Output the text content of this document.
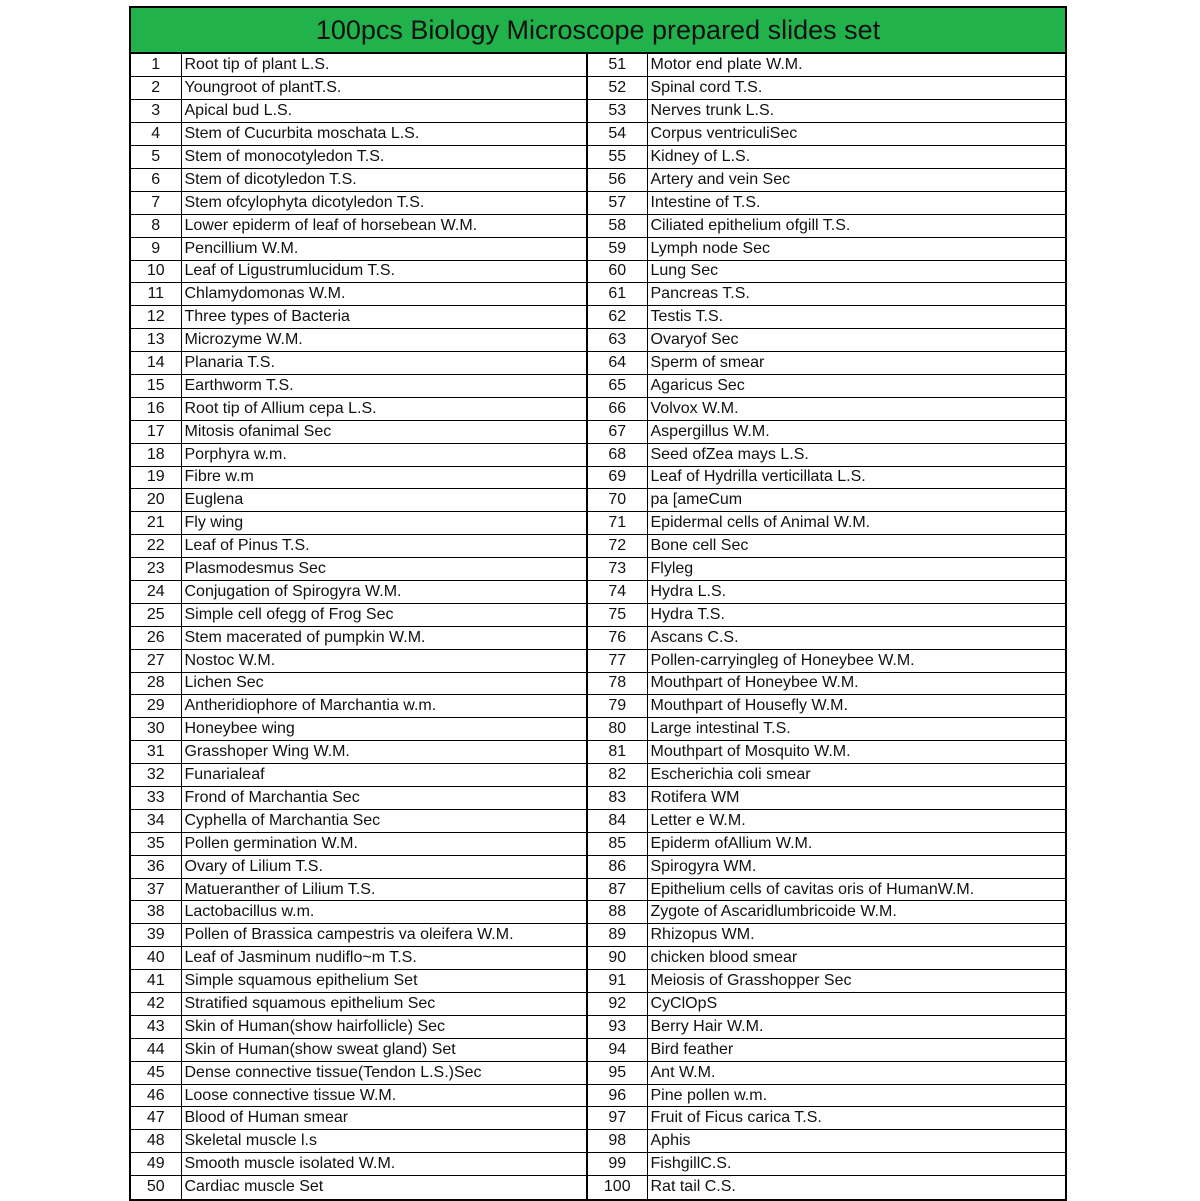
100pcs Biology Microscope prepared slides set
1	Root tip of plant L.S.	51	Motor end plate W.M.
2	Youngroot of plantT.S.	52	Spinal cord T.S.
3	Apical bud L.S.	53	Nerves trunk L.S.
4	Stem of Cucurbita moschata L.S.	54	Corpus ventriculiSec
5	Stem of monocotyledon T.S.	55	Kidney of L.S.
6	Stem of dicotyledon T.S.	56	Artery and vein Sec
7	Stem ofcylophyta dicotyledon T.S.	57	Intestine of T.S.
8	Lower epiderm of leaf of horsebean W.M.	58	Ciliated epithelium ofgill T.S.
9	Pencillium W.M.	59	Lymph node Sec
10	Leaf of Ligustrumlucidum T.S.	60	Lung Sec
11	Chlamydomonas W.M.	61	Pancreas T.S.
12	Three types of Bacteria	62	Testis T.S.
13	Microzyme W.M.	63	Ovaryof Sec
14	Planaria T.S.	64	Sperm of smear
15	Earthworm T.S.	65	Agaricus Sec
16	Root tip of Allium cepa L.S.	66	Volvox W.M.
17	Mitosis ofanimal Sec	67	Aspergillus W.M.
18	Porphyra w.m.	68	Seed ofZea mays L.S.
19	Fibre w.m	69	Leaf of Hydrilla verticillata L.S.
20	Euglena	70	pa [ameCum
21	Fly wing	71	Epidermal cells of Animal W.M.
22	Leaf of Pinus T.S.	72	Bone cell Sec
23	Plasmodesmus Sec	73	Flyleg
24	Conjugation of Spirogyra W.M.	74	Hydra L.S.
25	Simple cell ofegg of Frog Sec	75	Hydra T.S.
26	Stem macerated of pumpkin W.M.	76	Ascans C.S.
27	Nostoc W.M.	77	Pollen-carryingleg of Honeybee W.M.
28	Lichen Sec	78	Mouthpart of Honeybee W.M.
29	Antheridiophore of Marchantia w.m.	79	Mouthpart of Housefly W.M.
30	Honeybee wing	80	Large intestinal T.S.
31	Grasshoper Wing W.M.	81	Mouthpart of Mosquito W.M.
32	Funarialeaf	82	Escherichia coli smear
33	Frond of Marchantia Sec	83	Rotifera WM
34	Cyphella of Marchantia Sec	84	Letter e W.M.
35	Pollen germination W.M.	85	Epiderm ofAllium W.M.
36	Ovary of Lilium T.S.	86	Spirogyra WM.
37	Matueranther of Lilium T.S.	87	Epithelium cells of cavitas oris of HumanW.M.
38	Lactobacillus w.m.	88	Zygote of Ascaridlumbricoide W.M.
39	Pollen of Brassica campestris va oleifera W.M.	89	Rhizopus WM.
40	Leaf of Jasminum nudiflo~m T.S.	90	chicken blood smear
41	Simple squamous epithelium Set	91	Meiosis of Grasshopper Sec
42	Stratified squamous epithelium Sec	92	CyClOpS
43	Skin of Human(show hairfollicle) Sec	93	Berry Hair W.M.
44	Skin of Human(show sweat gland) Set	94	Bird feather
45	Dense connective tissue(Tendon L.S.)Sec	95	Ant W.M.
46	Loose connective tissue W.M.	96	Pine pollen w.m.
47	Blood of Human smear	97	Fruit of Ficus carica T.S.
48	Skeletal muscle l.s	98	Aphis
49	Smooth muscle isolated W.M.	99	FishgillC.S.
50	Cardiac muscle Set	100	Rat tail C.S.
